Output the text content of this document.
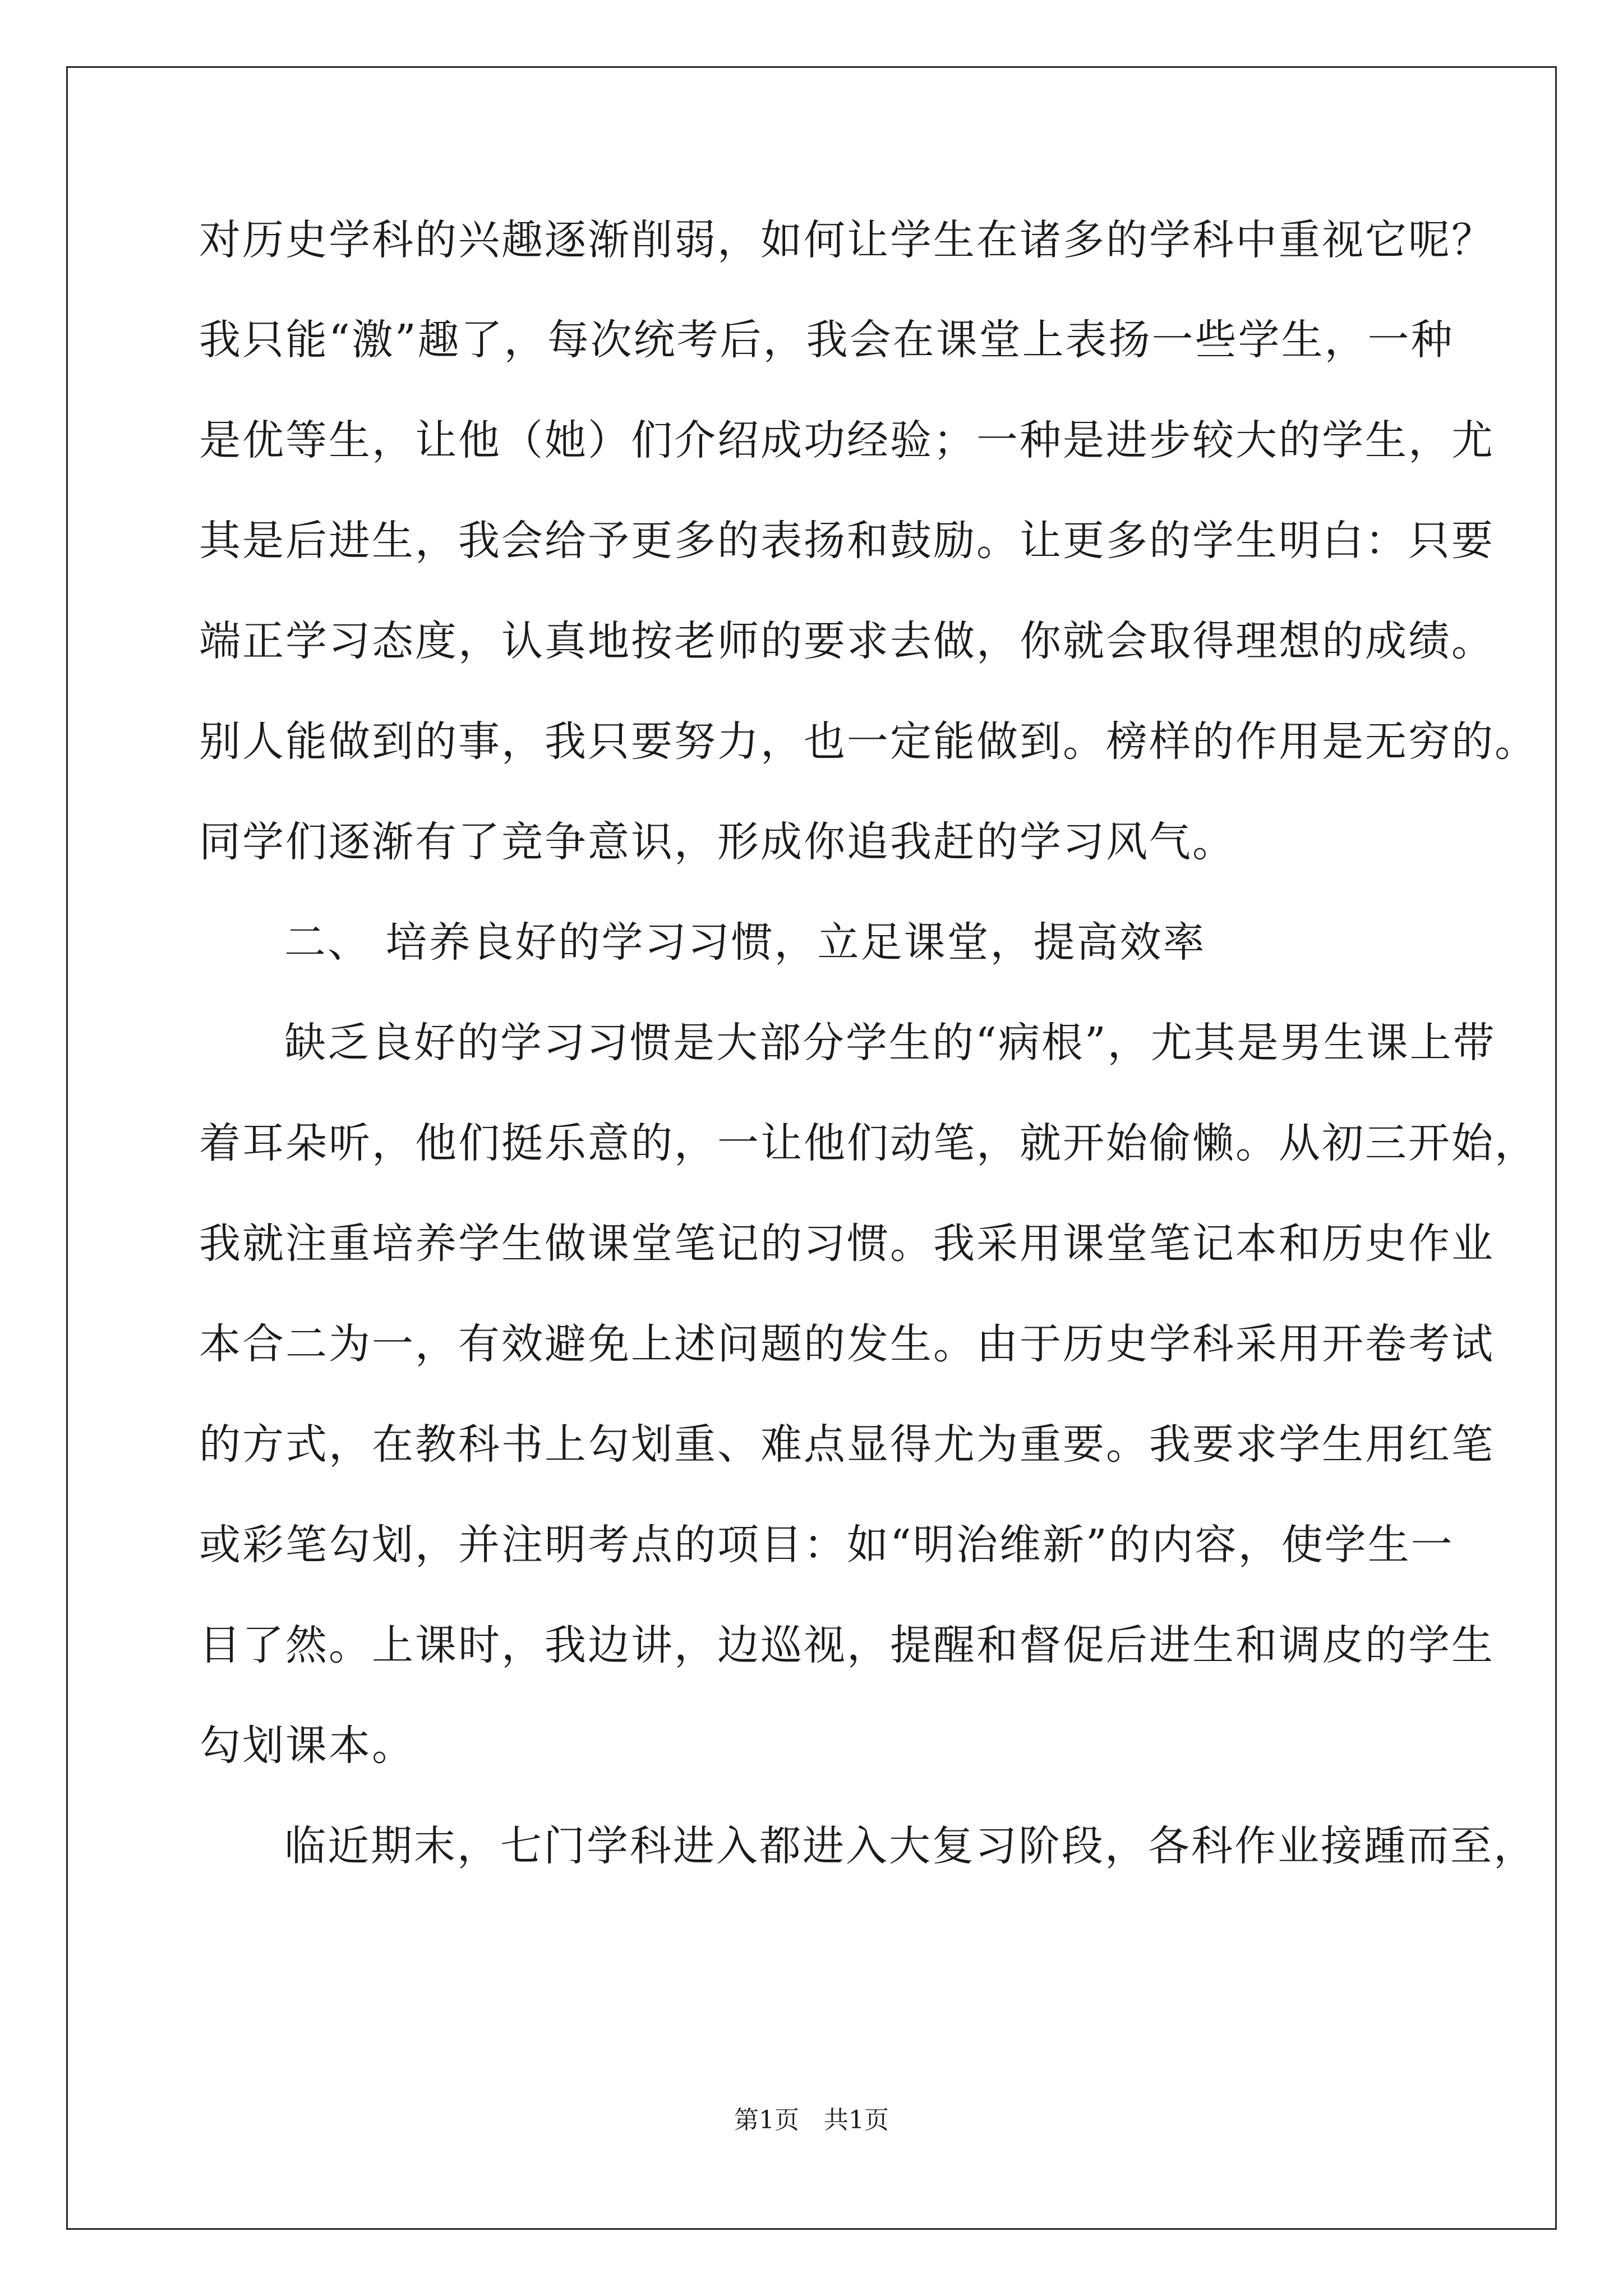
对历史学科的兴趣逐渐削弱，如何让学生在诸多的学科中重视它呢？
我只能“激”趣了，每次统考后，我会在课堂上表扬一些学生，一种
是优等生，让他（她）们介绍成功经验；一种是进步较大的学生，尤
其是后进生，我会给予更多的表扬和鼓励。让更多的学生明白：只要
端正学习态度，认真地按老师的要求去做，你就会取得理想的成绩。
别人能做到的事，我只要努力，也一定能做到。榜样的作用是无穷的。
同学们逐渐有了竞争意识，形成你追我赶的学习风气。
二、 培养良好的学习习惯，立足课堂，提高效率
缺乏良好的学习习惯是大部分学生的“病根”，尤其是男生课上带
着耳朵听，他们挺乐意的，一让他们动笔，就开始偷懒。从初三开始，
我就注重培养学生做课堂笔记的习惯。我采用课堂笔记本和历史作业
本合二为一，有效避免上述问题的发生。由于历史学科采用开卷考试
的方式，在教科书上勾划重、难点显得尤为重要。我要求学生用红笔
或彩笔勾划，并注明考点的项目：如“明治维新”的内容，使学生一
目了然。上课时，我边讲，边巡视，提醒和督促后进生和调皮的学生
勾划课本。
临近期末，七门学科进入都进入大复习阶段，各科作业接踵而至，
第1页　共1页
